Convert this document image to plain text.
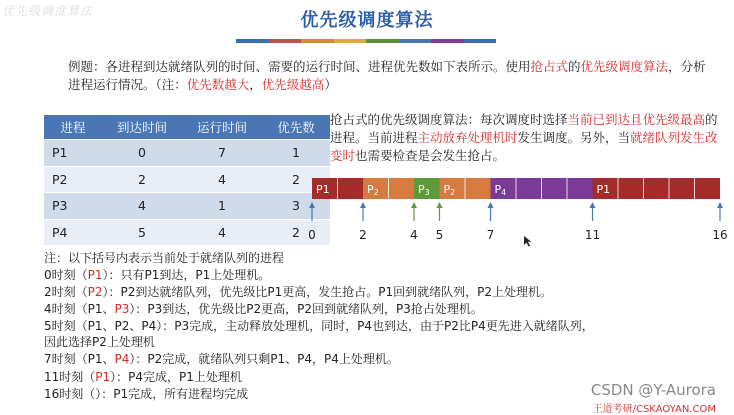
优先级调度算法	优先级调度算法
例题：各进程到达就绪队列的时间、需要的运行时间、进程优先数如下表所示。使用抢占式的优先级调度算法，分析进程运行情况。（注：优先数越大，优先级越高）
进程	到达时间	运行时间	优先数
P1	0	7	1
P2	2	4	2
P3	4	1	3
P4	5	4	2
抢占式的优先级调度算法：每次调度时选择当前已到达且优先级最高的进程。当前进程主动放弃处理机时发生调度。另外，当就绪队列发生改变时也需要检查是会发生抢占。
P1	P2	P3 P2	P4	P1
0	2	4 5	7	11	16
注：以下括号内表示当前处于就绪队列的进程
0时刻（P1）：只有P1到达，P1上处理机。
2时刻（P2）：P2到达就绪队列，优先级比P1更高，发生抢占。P1回到就绪队列，P2上处理机。
4时刻（P1、P3）：P3到达，优先级比P2更高，P2回到就绪队列，P3抢占处理机。
5时刻（P1、P2、P4）：P3完成，主动释放处理机，同时，P4也到达，由于P2比P4更先进入就绪队列，
因此选择P2上处理机
7时刻（P1、P4）：P2完成，就绪队列只剩P1、P4，P4上处理机。
11时刻（P1）：P4完成，P1上处理机
16时刻（）：P1完成，所有进程均完成	CSDN @Y-Aurora
王道考研/CSKAOYAN.COM
